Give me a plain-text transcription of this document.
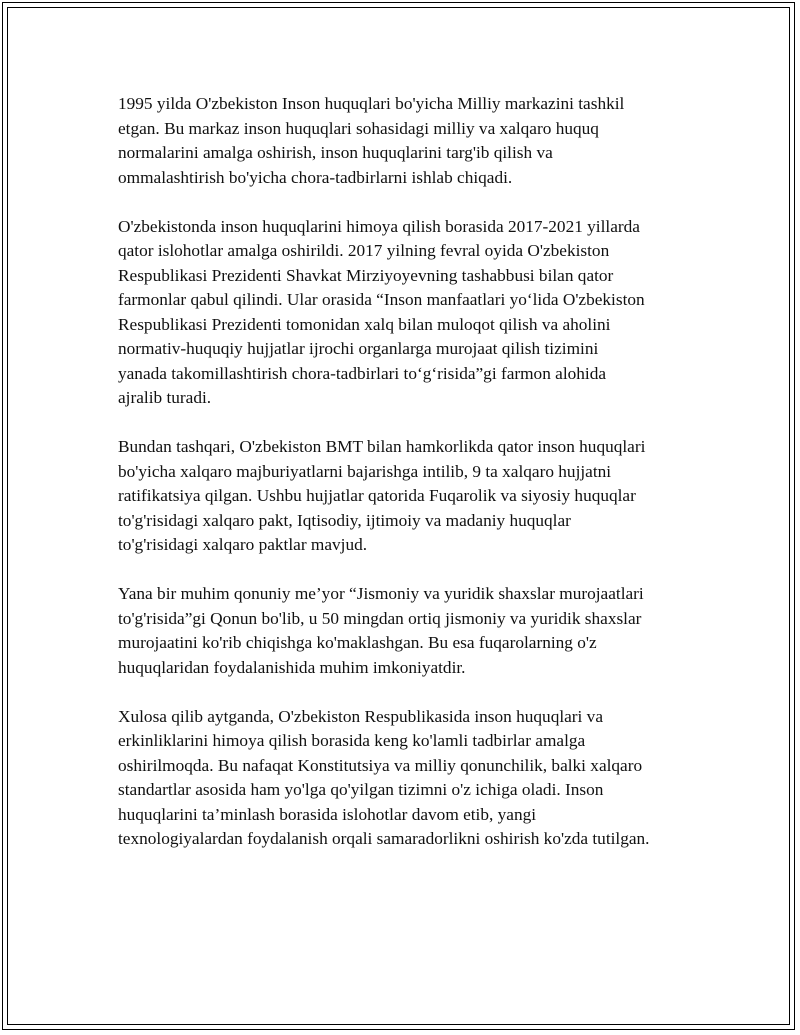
1995 yilda O'zbekiston Inson huquqlari bo'yicha Milliy markazini tashkil
etgan. Bu markaz inson huquqlari sohasidagi milliy va xalqaro huquq
normalarini amalga oshirish, inson huquqlarini targ'ib qilish va
ommalashtirish bo'yicha chora-tadbirlarni ishlab chiqadi.

O'zbekistonda inson huquqlarini himoya qilish borasida 2017-2021 yillarda
qator islohotlar amalga oshirildi. 2017 yilning fevral oyida O'zbekiston
Respublikasi Prezidenti Shavkat Mirziyoyevning tashabbusi bilan qator
farmonlar qabul qilindi. Ular orasida “Inson manfaatlari yo‘lida O'zbekiston
Respublikasi Prezidenti tomonidan xalq bilan muloqot qilish va aholini
normativ-huquqiy hujjatlar ijrochi organlarga murojaat qilish tizimini
yanada takomillashtirish chora-tadbirlari to‘g‘risida”gi farmon alohida
ajralib turadi.

Bundan tashqari, O'zbekiston BMT bilan hamkorlikda qator inson huquqlari
bo'yicha xalqaro majburiyatlarni bajarishga intilib, 9 ta xalqaro hujjatni
ratifikatsiya qilgan. Ushbu hujjatlar qatorida Fuqarolik va siyosiy huquqlar
to'g'risidagi xalqaro pakt, Iqtisodiy, ijtimoiy va madaniy huquqlar
to'g'risidagi xalqaro paktlar mavjud.

Yana bir muhim qonuniy me’yor “Jismoniy va yuridik shaxslar murojaatlari
to'g'risida”gi Qonun bo'lib, u 50 mingdan ortiq jismoniy va yuridik shaxslar
murojaatini ko'rib chiqishga ko'maklashgan. Bu esa fuqarolarning o'z
huquqlaridan foydalanishida muhim imkoniyatdir.

Xulosa qilib aytganda, O'zbekiston Respublikasida inson huquqlari va
erkinliklarini himoya qilish borasida keng ko'lamli tadbirlar amalga
oshirilmoqda. Bu nafaqat Konstitutsiya va milliy qonunchilik, balki xalqaro
standartlar asosida ham yo'lga qo'yilgan tizimni o'z ichiga oladi. Inson
huquqlarini ta’minlash borasida islohotlar davom etib, yangi
texnologiyalardan foydalanish orqali samaradorlikni oshirish ko'zda tutilgan.
